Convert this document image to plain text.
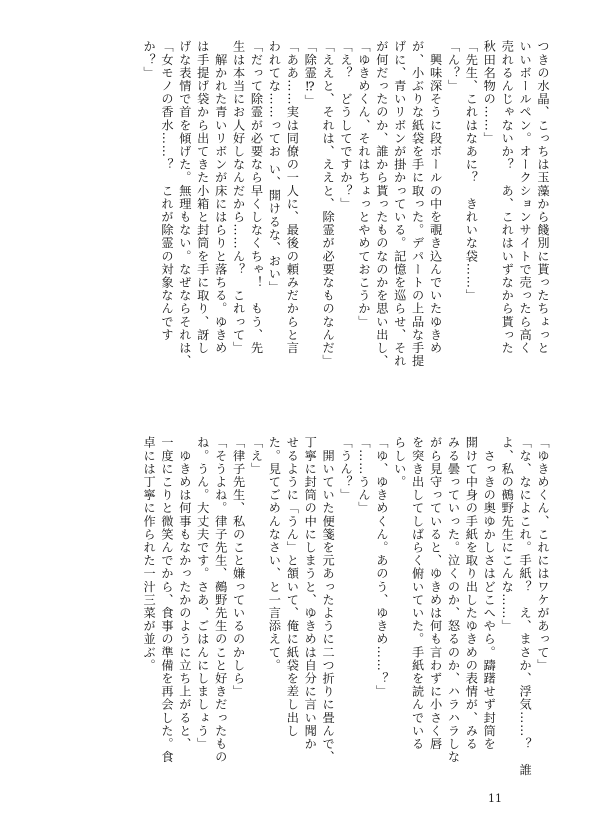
つきの水晶、こっちは玉藻から餞別に貰ったちょっと
いいボールペン。オークションサイトで売ったら高く
売れるんじゃないか？　あ、これはいずなから貰った
秋田名物の……」
「先生、これはなあに？　きれいな袋……」
「ん？」
　興味深そうに段ボールの中を覗き込んでいたゆきめ
が、小ぶりな紙袋を手に取った。デパートの上品な手提
げに、青いリボンが掛かっている。記憶を巡らせ、それ
が何だったのか、誰から貰ったものなのかを思い出し、
「ゆきめくん、それはちょっとやめておこうか」
「え？　どうしてですか？」
「ええと、それは、ええと、除霊が必要なものなんだ」
「除霊⁉」
「ああ……実は同僚の一人に、最後の頼みだからと言
われてな……ってお い、開けるな、おい」
「だって除霊が必要なら早くしなくちゃ！　もう、先
生は本当にお人好しなんだから……ん？　これって」
　解かれた青いリボンが床にはらりと落ちる。ゆきめ
は手提げ袋から出てきた小箱と封筒を手に取り、訝し
げな表情で首を傾げた。無理もない。なぜならそれは、
「女モノの香水……？　これが除霊の対象なんです
か？」
「ゆきめくん、これにはワケがあって」
「な、なによこれ。手紙？　え、まさか、浮気……？　誰
よ、私の鵺野先生にこんな……」
　さっきの奥ゆかしさはどこへやら。躊躇せず封筒を
開けて中身の手紙を取り出したゆきめの表情が、みる
みる曇っていった。泣くのか、怒るのか、ハラハラしな
がら見守っていると、ゆきめは何も言わずに小さく唇
を突き出してしばらく俯いていた。手紙を読んでいる
らしい。
「ゆ、ゆきめくん。あのう、ゆきめ……？」
「……うん」
「うん？」
　開いていた便箋を元あったように二つ折りに畳んで、
丁寧に封筒の中にしまうと、ゆきめは自分に言い聞か
せるように「うん」と頷いて、俺に紙袋を差し出し
た。見てごめんなさい、と一言添えて。
「え」
「律子先生、私のこと嫌っているのかしら」
「そうよね。律子先生、鵺野先生のこと好きだったもの
ね。うん。大丈夫です。さあ、ごはんにしましょう」
　ゆきめは何事もなかったかのように立ち上がると、
一度にこりと微笑んでから、食事の準備を再会した。食
卓には丁寧に作られた一汁三菜が並ぶ。
11
